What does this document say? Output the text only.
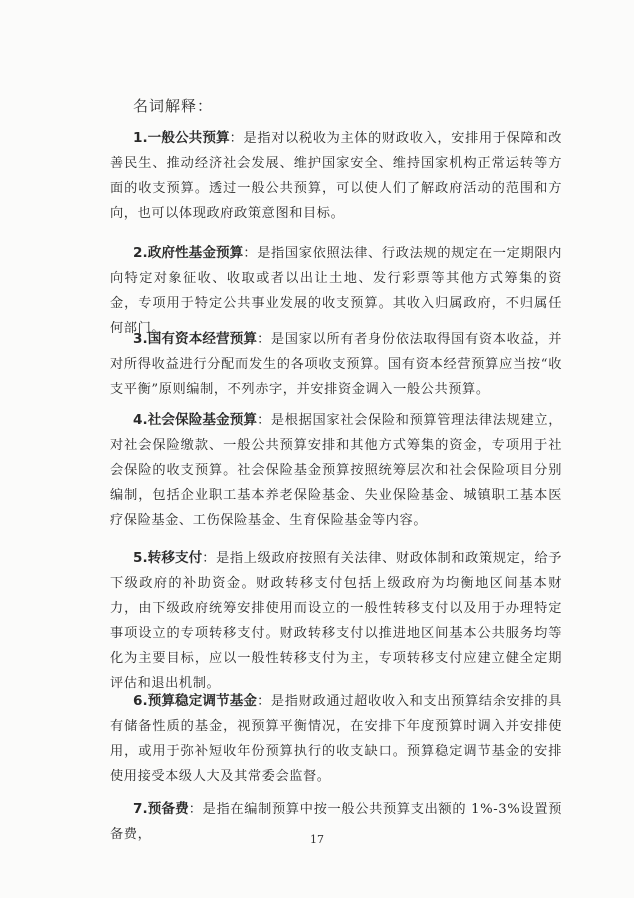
名词解释：

1.一般公共预算：是指对以税收为主体的财政收入，安排用于保障和改善民生、推动经济社会发展、维护国家安全、维持国家机构正常运转等方面的收支预算。透过一般公共预算，可以使人们了解政府活动的范围和方向，也可以体现政府政策意图和目标。

2.政府性基金预算：是指国家依照法律、行政法规的规定在一定期限内向特定对象征收、收取或者以出让土地、发行彩票等其他方式筹集的资金，专项用于特定公共事业发展的收支预算。其收入归属政府，不归属任何部门。

3.国有资本经营预算：是国家以所有者身份依法取得国有资本收益，并对所得收益进行分配而发生的各项收支预算。国有资本经营预算应当按“收支平衡”原则编制，不列赤字，并安排资金调入一般公共预算。

4.社会保险基金预算：是根据国家社会保险和预算管理法律法规建立，对社会保险缴款、一般公共预算安排和其他方式筹集的资金，专项用于社会保险的收支预算。社会保险基金预算按照统筹层次和社会保险项目分别编制，包括企业职工基本养老保险基金、失业保险基金、城镇职工基本医疗保险基金、工伤保险基金、生育保险基金等内容。

5.转移支付：是指上级政府按照有关法律、财政体制和政策规定，给予下级政府的补助资金。财政转移支付包括上级政府为均衡地区间基本财力，由下级政府统筹安排使用而设立的一般性转移支付以及用于办理特定事项设立的专项转移支付。财政转移支付以推进地区间基本公共服务均等化为主要目标，应以一般性转移支付为主，专项转移支付应建立健全定期评估和退出机制。

6.预算稳定调节基金：是指财政通过超收收入和支出预算结余安排的具有储备性质的基金，视预算平衡情况，在安排下年度预算时调入并安排使用，或用于弥补短收年份预算执行的收支缺口。预算稳定调节基金的安排使用接受本级人大及其常委会监督。

7.预备费：是指在编制预算中按一般公共预算支出额的 1%-3%设置预备费，	17
